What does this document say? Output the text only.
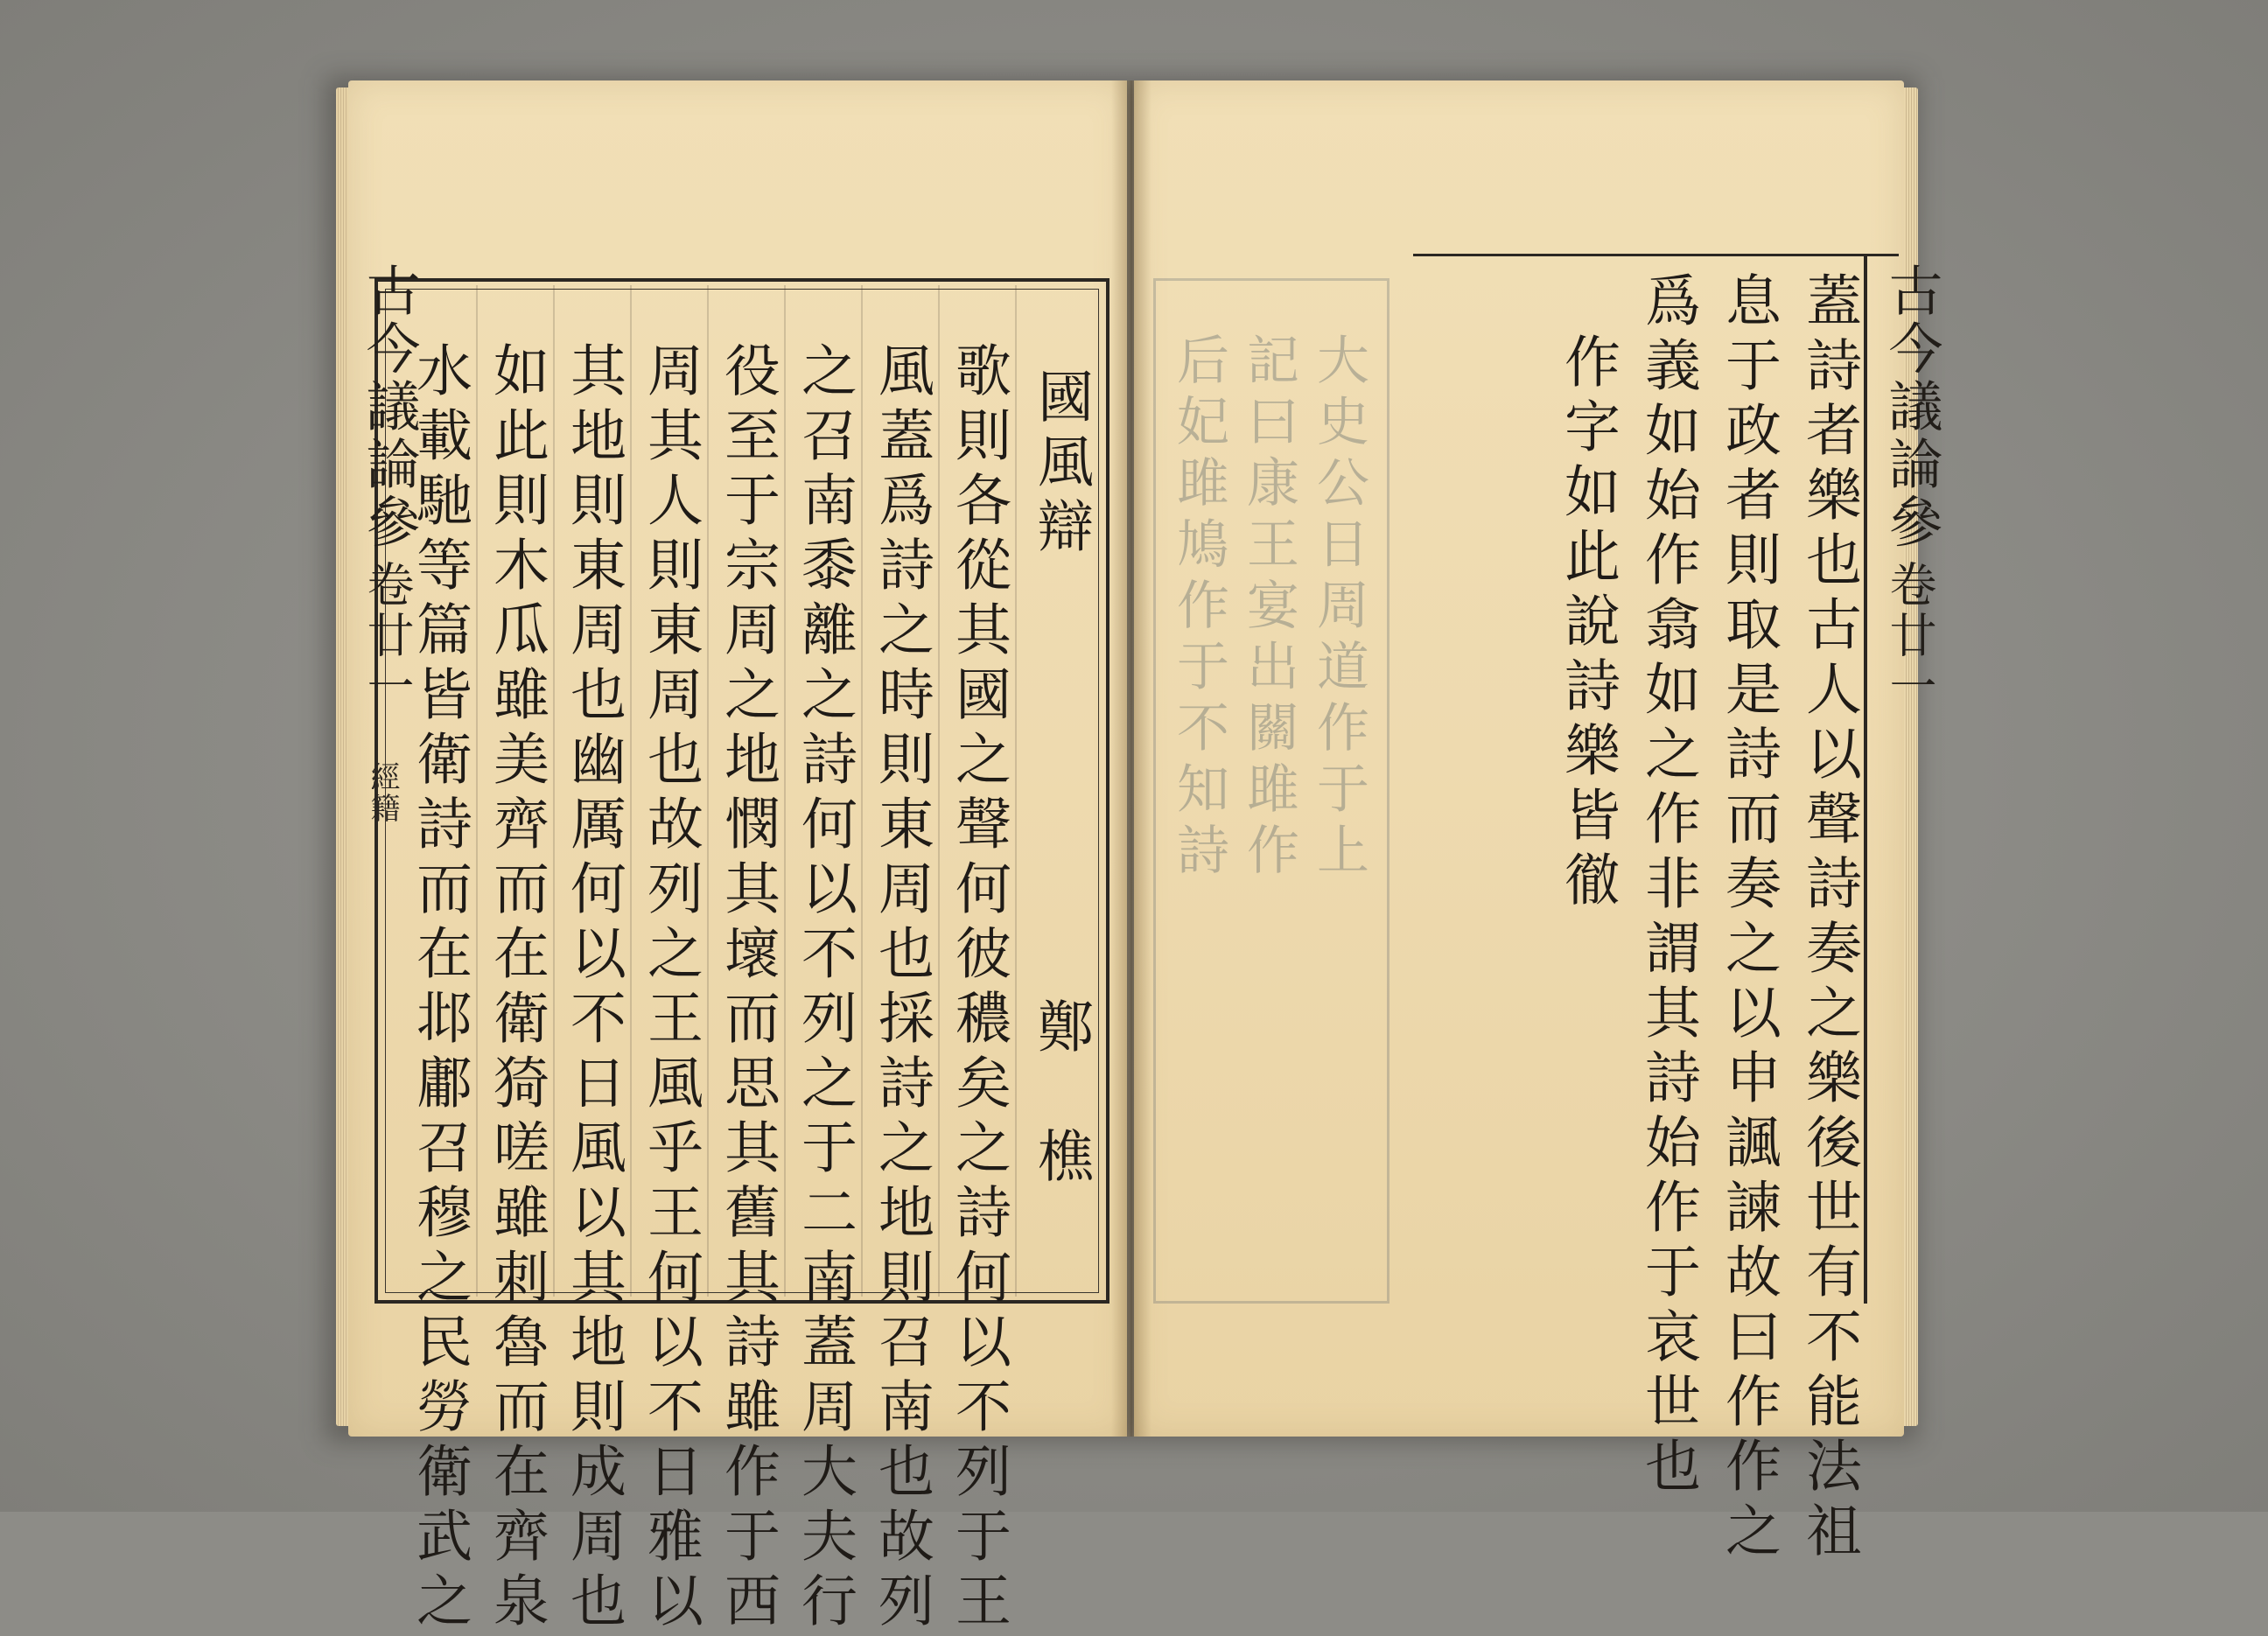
古今議論參
卷廿一
經籍
國風辯
鄭　樵
歌則各從其國之聲何彼穠矣之詩何以不列于王
風蓋爲詩之時則東周也採詩之地則召南也故列
之召南黍離之詩何以不列之于二南蓋周大夫行
役至于宗周之地憫其壞而思其舊其詩雖作于西
周其人則東周也故列之王風乎王何以不日雅以
其地則東周也幽厲何以不日風以其地則成周也
如此則木瓜雖美齊而在衛猗嗟雖刺魯而在齊泉
水載馳等篇皆衛詩而在邶鄘召穆之民勞衛武之	大史公日周道作于上
記曰康王宴出關雎作
后妃雎鳩作于不知詩	古今議論參
卷廿一
蓋詩者樂也古人以聲詩奏之樂後世有不能法祖
息于政者則取是詩而奏之以申諷諫故曰作作之
爲義如始作翕如之作非謂其詩始作于哀世也
作字如此說詩樂皆徹
